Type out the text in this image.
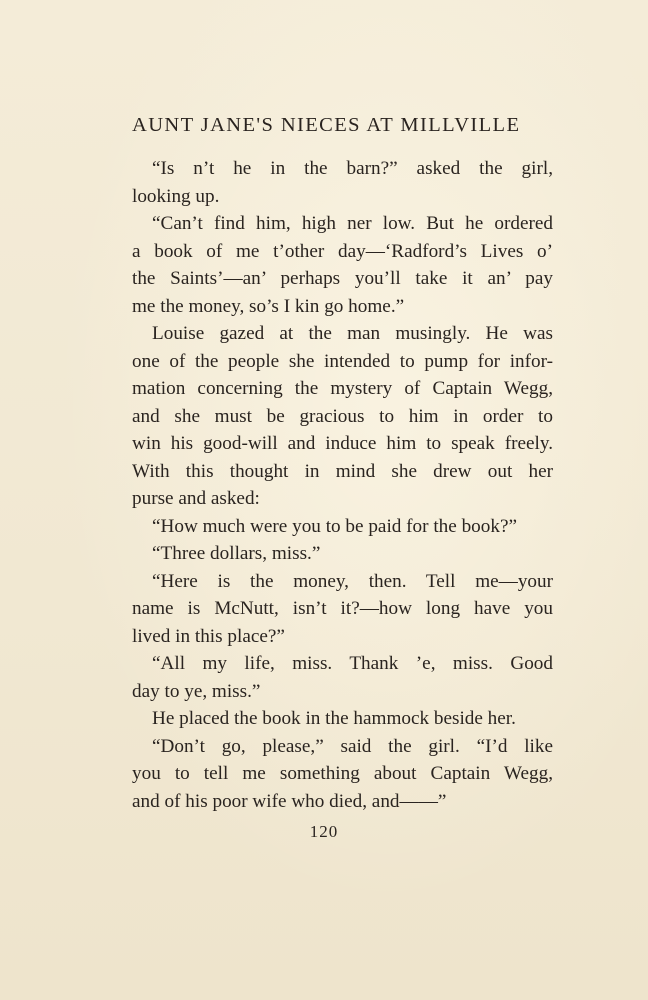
AUNT JANE'S NIECES AT MILLVILLE

“Is n’t he in the barn?” asked the girl,
looking up.

“Can’t find him, high ner low. But he ordered
a book of me t’other day—‘Radford’s Lives o’
the Saints’—an’ perhaps you’ll take it an’ pay
me the money, so’s I kin go home.”

Louise gazed at the man musingly. He was
one of the people she intended to pump for infor-
mation concerning the mystery of Captain Wegg,
and she must be gracious to him in order to
win his good-will and induce him to speak freely.
With this thought in mind she drew out her
purse and asked:

“How much were you to be paid for the book?”

“Three dollars, miss.”

“Here is the money, then. Tell me—your
name is McNutt, isn’t it?—how long have you
lived in this place?”

“All my life, miss. Thank ’e, miss. Good
day to ye, miss.”

He placed the book in the hammock beside her.

“Don’t go, please,” said the girl. “I’d like
you to tell me something about Captain Wegg,
and of his poor wife who died, and——”

120
